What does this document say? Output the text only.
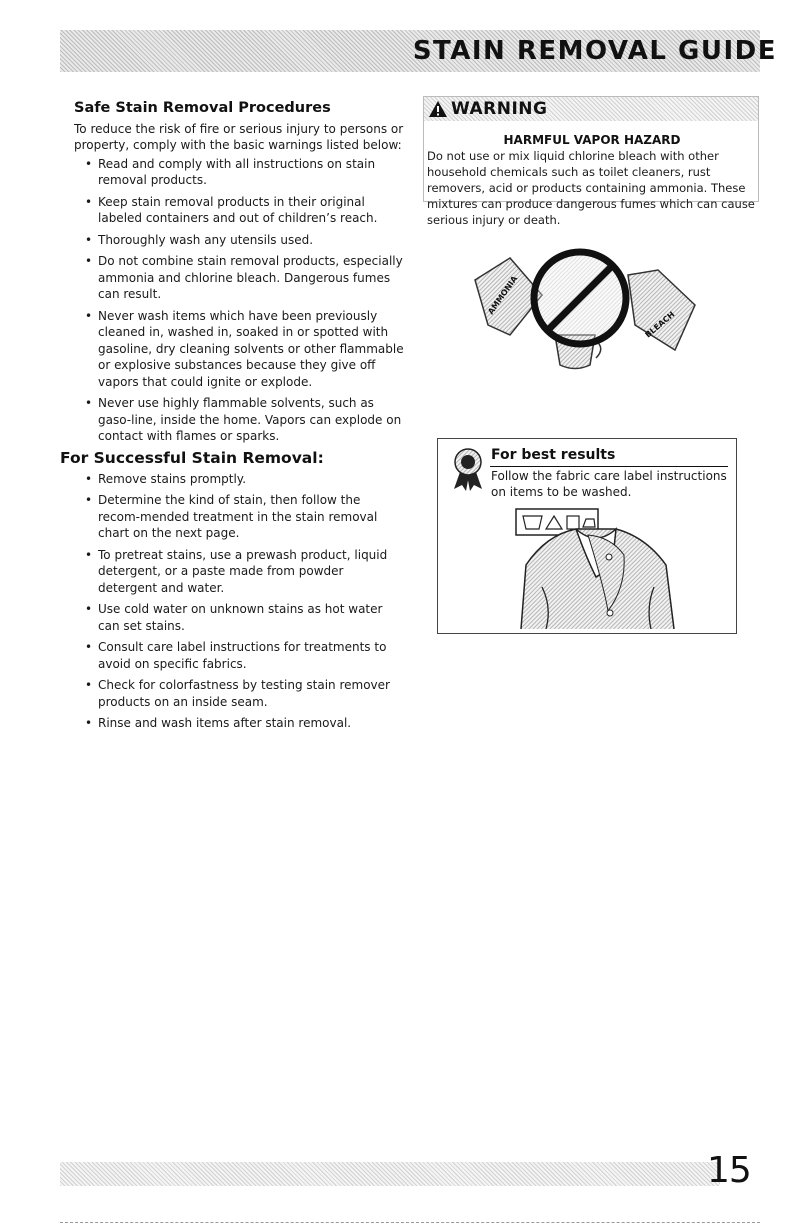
STAIN REMOVAL GUIDE
Safe Stain Removal Procedures

To reduce the risk of fire or serious injury to persons or property, comply with the basic warnings listed below:

• Read and comply with all instructions on stain removal products.
• Keep stain removal products in their original labeled containers and out of children’s reach.
• Thoroughly wash any utensils used.
• Do not combine stain removal products, especially ammonia and chlorine bleach. Dangerous fumes can result.
• Never wash items which have been previously cleaned in, washed in, soaked in or spotted with gasoline, dry cleaning solvents or other flammable or explosive substances because they give off vapors that could ignite or explode.
• Never use highly flammable solvents, such as gaso-line, inside the home. Vapors can explode on contact with flames or sparks.
For Successful Stain Removal:
• Remove stains promptly.
• Determine the kind of stain, then follow the recom-mended treatment in the stain removal chart on the next page.
• To pretreat stains, use a prewash product, liquid detergent, or a paste made from powder detergent and water.
• Use cold water on unknown stains as hot water can set stains.
• Consult care label instructions for treatments to avoid on specific fabrics.
• Check for colorfastness by testing stain remover products on an inside seam.
• Rinse and wash items after stain removal.
WARNING
HARMFUL VAPOR HAZARD

Do not use or mix liquid chlorine bleach with other household chemicals such as toilet cleaners, rust removers, acid or products containing ammonia. These mixtures can produce dangerous fumes which can cause serious injury or death.

AMMONIA
BLEACH
For best results

Follow the fabric care label instructions on items to be washed.

15
